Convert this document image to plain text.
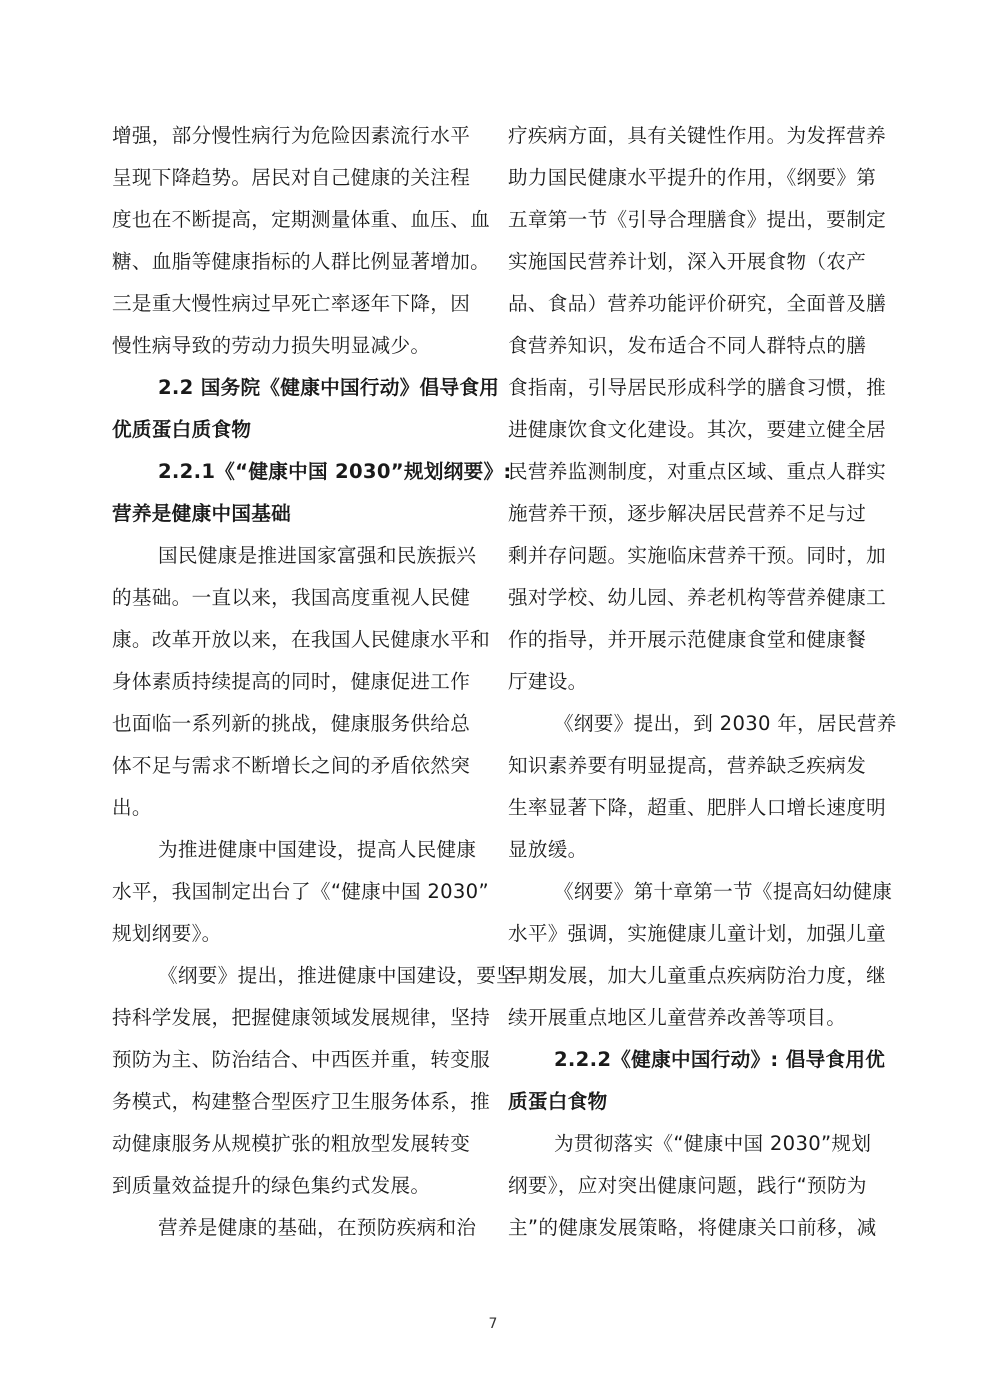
增强，部分慢性病行为危险因素流行水平
呈现下降趋势。居民对自己健康的关注程
度也在不断提高，定期测量体重、血压、血
糖、血脂等健康指标的人群比例显著增加。
三是重大慢性病过早死亡率逐年下降，因
慢性病导致的劳动力损失明显减少。
2.2 国务院《健康中国行动》倡导食用
优质蛋白质食物
2.2.1《“健康中国 2030”规划纲要》:
营养是健康中国基础
国民健康是推进国家富强和民族振兴
的基础。一直以来，我国高度重视人民健
康。改革开放以来，在我国人民健康水平和
身体素质持续提高的同时，健康促进工作
也面临一系列新的挑战，健康服务供给总
体不足与需求不断增长之间的矛盾依然突
出。
为推进健康中国建设，提高人民健康
水平，我国制定出台了《“健康中国 2030”
规划纲要》。
《纲要》提出，推进健康中国建设，要坚
持科学发展，把握健康领域发展规律，坚持
预防为主、防治结合、中西医并重，转变服
务模式，构建整合型医疗卫生服务体系，推
动健康服务从规模扩张的粗放型发展转变
到质量效益提升的绿色集约式发展。
营养是健康的基础，在预防疾病和治
疗疾病方面，具有关键性作用。为发挥营养
助力国民健康水平提升的作用，《纲要》第
五章第一节《引导合理膳食》提出，要制定
实施国民营养计划，深入开展食物（农产
品、食品）营养功能评价研究，全面普及膳
食营养知识，发布适合不同人群特点的膳
食指南，引导居民形成科学的膳食习惯，推
进健康饮食文化建设。其次，要建立健全居
民营养监测制度，对重点区域、重点人群实
施营养干预，逐步解决居民营养不足与过
剩并存问题。实施临床营养干预。同时，加
强对学校、幼儿园、养老机构等营养健康工
作的指导，并开展示范健康食堂和健康餐
厅建设。
《纲要》提出，到 2030 年，居民营养
知识素养要有明显提高，营养缺乏疾病发
生率显著下降，超重、肥胖人口增长速度明
显放缓。
《纲要》第十章第一节《提高妇幼健康
水平》强调，实施健康儿童计划，加强儿童
早期发展，加大儿童重点疾病防治力度，继
续开展重点地区儿童营养改善等项目。
2.2.2《健康中国行动》: 倡导食用优
质蛋白食物
为贯彻落实《“健康中国 2030”规划
纲要》，应对突出健康问题，践行“预防为
主”的健康发展策略，将健康关口前移，减
7
